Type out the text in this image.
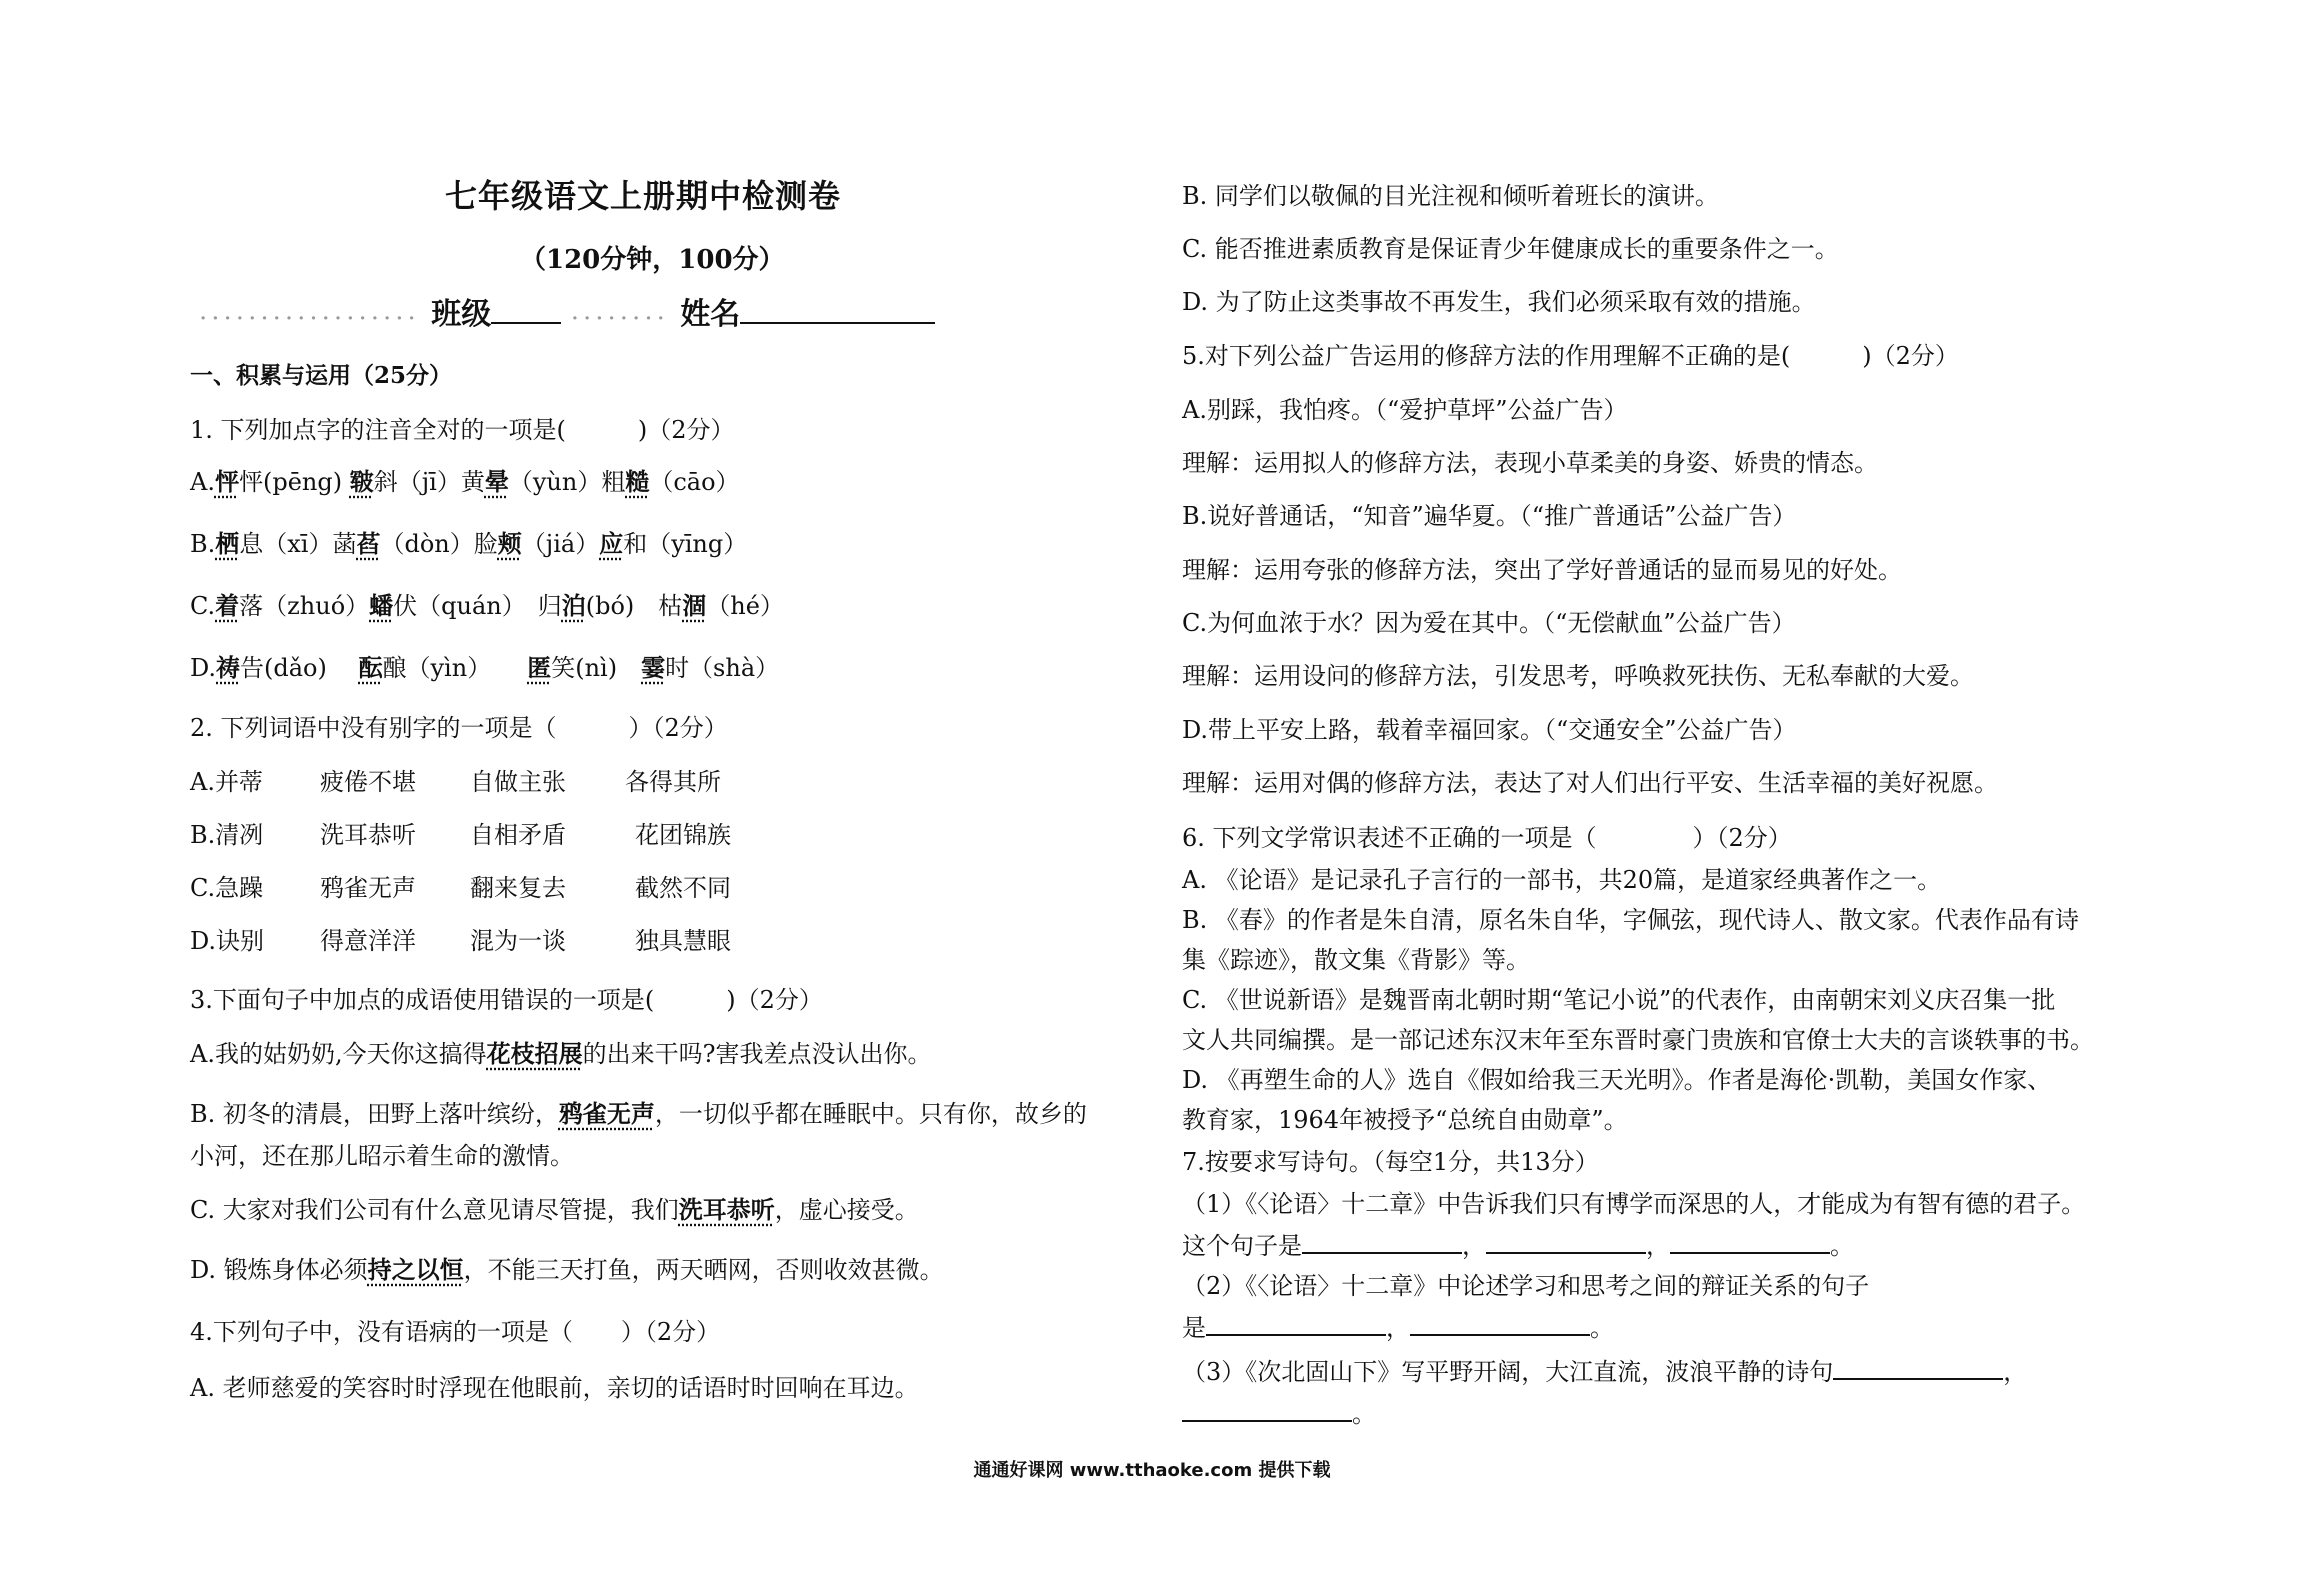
七年级语文上册期中检测卷
（120分钟，100分）
·················· 班级	········ 姓名
一、积累与运用（25分）
1. 下列加点字的注音全对的一项是(　　　)（2分）
A.怦怦(pēng) 皲斜（jī）黄晕（yùn）粗糙（cāo）
B.栖息（xī）菡萏（dòn）脸颊（jiá）应和（yīng）
C.着落（zhuó）蟠伏（quán）　归泊(bó)　枯涸（hé）
D.祷告(dǎo)　 酝酿（yìn）　　匿笑(nì)　霎时（shà）
2. 下列词语中没有别字的一项是（　　　）（2分）
A.并蒂 疲倦不堪 自做主张 各得其所
B.清冽 洗耳恭听 自相矛盾	花团锦族
C.急躁 鸦雀无声 翻来复去	截然不同
D.诀别 得意洋洋 混为一谈	独具慧眼
3.下面句子中加点的成语使用错误的一项是(　　　)（2分）
A.我的姑奶奶,今天你这搞得花枝招展的出来干吗?害我差点没认出你。
B. 初冬的清晨，田野上落叶缤纷，鸦雀无声，一切似乎都在睡眠中。只有你，故乡的
小河，还在那儿昭示着生命的激情。
C. 大家对我们公司有什么意见请尽管提，我们洗耳恭听，虚心接受。
D. 锻炼身体必须持之以恒，不能三天打鱼，两天晒网，否则收效甚微。
4.下列句子中，没有语病的一项是（　　）（2分）
A. 老师慈爱的笑容时时浮现在他眼前，亲切的话语时时回响在耳边。
B. 同学们以敬佩的目光注视和倾听着班长的演讲。
C. 能否推进素质教育是保证青少年健康成长的重要条件之一。
D. 为了防止这类事故不再发生，我们必须采取有效的措施。
5.对下列公益广告运用的修辞方法的作用理解不正确的是(　　　)（2分）
A.别踩，我怕疼。（“爱护草坪”公益广告）
理解：运用拟人的修辞方法，表现小草柔美的身姿、娇贵的情态。
B.说好普通话，“知音”遍华夏。（“推广普通话”公益广告）
理解：运用夸张的修辞方法，突出了学好普通话的显而易见的好处。
C.为何血浓于水？因为爱在其中。（“无偿献血”公益广告）
理解：运用设问的修辞方法，引发思考，呼唤救死扶伤、无私奉献的大爱。
D.带上平安上路，载着幸福回家。（“交通安全”公益广告）
理解：运用对偶的修辞方法，表达了对人们出行平安、生活幸福的美好祝愿。
6. 下列文学常识表述不正确的一项是（　　　　）（2分）
A. 《论语》是记录孔子言行的一部书，共20篇，是道家经典著作之一。
B. 《春》的作者是朱自清，原名朱自华，字佩弦，现代诗人、散文家。代表作品有诗
集《踪迹》，散文集《背影》等。
C. 《世说新语》是魏晋南北朝时期“笔记小说”的代表作，由南朝宋刘义庆召集一批
文人共同编撰。是一部记述东汉末年至东晋时豪门贵族和官僚士大夫的言谈轶事的书。
D. 《再塑生命的人》选自《假如给我三天光明》。作者是海伦·凯勒，美国女作家、
教育家，1964年被授予“总统自由勋章”。
7.按要求写诗句。（每空1分，共13分）
（1）《〈论语〉十二章》中告诉我们只有博学而深思的人，才能成为有智有德的君子。
这个句子是	，	，	。
（2）《〈论语〉十二章》中论述学习和思考之间的辩证关系的句子
是	，	。
（3）《次北固山下》写平野开阔，大江直流，波浪平静的诗句	，
。
通通好课网 www.tthaoke.com 提供下载
